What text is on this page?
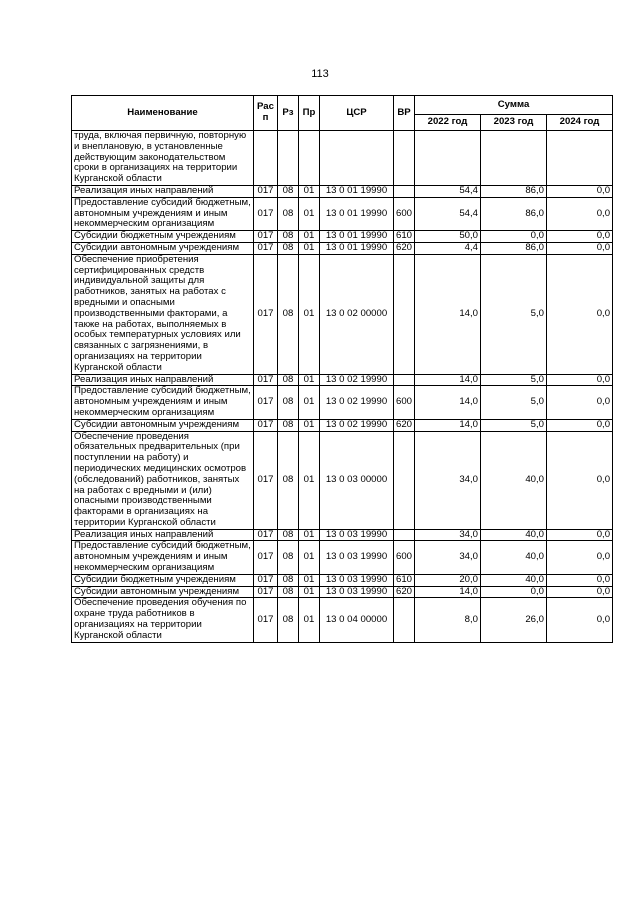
113
Наименование	Рас п	Рз	Пр	ЦСР	ВР	Сумма		
						2022 год	2023 год	2024 год
труда, включая первичную, повторную и внеплановую, в установленные действующим законодательством сроки в организациях на территории Курганской области								
Реализация иных направлений	017	08	01	13 0 01 19990		54,4	86,0	0,0
Предоставление субсидий бюджетным, автономным учреждениям и иным некоммерческим организациям	017	08	01	13 0 01 19990	600	54,4	86,0	0,0
Субсидии бюджетным учреждениям	017	08	01	13 0 01 19990	610	50,0	0,0	0,0
Субсидии автономным учреждениям	017	08	01	13 0 01 19990	620	4,4	86,0	0,0
Обеспечение приобретения сертифицированных средств индивидуальной защиты для работников, занятых на работах с вредными и опасными производственными факторами, а также на работах, выполняемых в особых температурных условиях или связанных с загрязнениями, в организациях на территории Курганской области	017	08	01	13 0 02 00000		14,0	5,0	0,0
Реализация иных направлений	017	08	01	13 0 02 19990		14,0	5,0	0,0
Предоставление субсидий бюджетным, автономным учреждениям и иным некоммерческим организациям	017	08	01	13 0 02 19990	600	14,0	5,0	0,0
Субсидии автономным учреждениям	017	08	01	13 0 02 19990	620	14,0	5,0	0,0
Обеспечение проведения обязательных предварительных (при поступлении на работу) и периодических медицинских осмотров (обследований) работников, занятых на работах с вредными и (или) опасными производственными факторами в организациях на территории Курганской области	017	08	01	13 0 03 00000		34,0	40,0	0,0
Реализация иных направлений	017	08	01	13 0 03 19990		34,0	40,0	0,0
Предоставление субсидий бюджетным, автономным учреждениям и иным некоммерческим организациям	017	08	01	13 0 03 19990	600	34,0	40,0	0,0
Субсидии бюджетным учреждениям	017	08	01	13 0 03 19990	610	20,0	40,0	0,0
Субсидии автономным учреждениям	017	08	01	13 0 03 19990	620	14,0	0,0	0,0
Обеспечение проведения обучения по охране труда работников в организациях на территории Курганской области	017	08	01	13 0 04 00000		8,0	26,0	0,0
